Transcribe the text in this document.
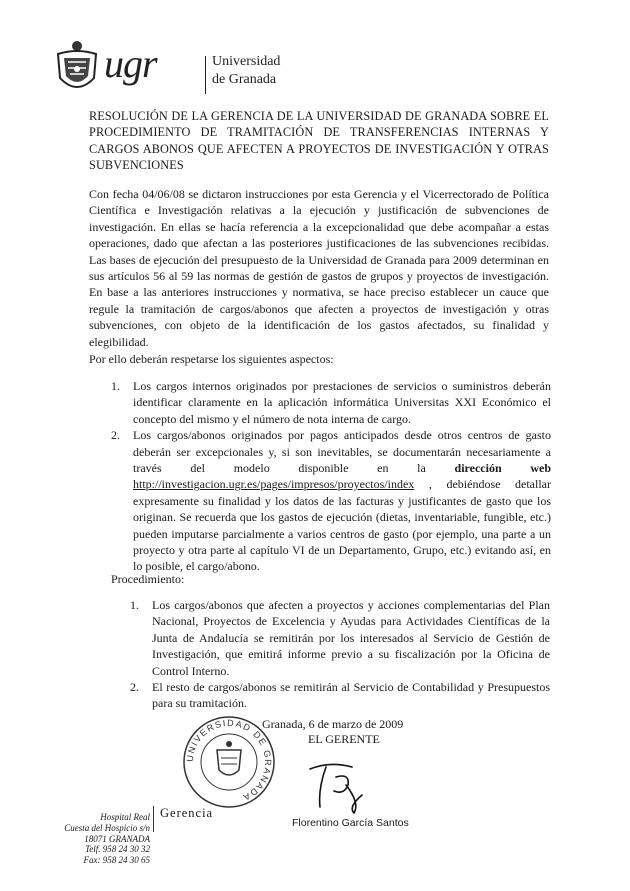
ugr	Universidad
de Granada
RESOLUCIÓN DE LA GERENCIA DE LA UNIVERSIDAD DE GRANADA SOBRE EL PROCEDIMIENTO DE TRAMITACIÓN DE TRANSFERENCIAS INTERNAS Y CARGOS ABONOS QUE AFECTEN A PROYECTOS DE INVESTIGACIÓN Y OTRAS SUBVENCIONES
Con fecha 04/06/08 se dictaron instrucciones por esta Gerencia y el Vicerrectorado de Política Científica e Investigación relativas a la ejecución y justificación de subvenciones de investigación. En ellas se hacía referencia a la excepcionalidad que debe acompañar a estas operaciones, dado que afectan a las posteriores justificaciones de las subvenciones recibidas. Las bases de ejecución del presupuesto de la Universidad de Granada para 2009 determinan en sus artículos 56 al 59 las normas de gestión de gastos de grupos y proyectos de investigación. En base a las anteriores instrucciones y normativa, se hace preciso establecer un cauce que regule la tramitación de cargos/abonos que afecten a proyectos de investigación y otras subvenciones, con objeto de la identificación de los gastos afectados, su finalidad y elegibilidad.
Por ello deberán respetarse los siguientes aspectos:
1. Los cargos internos originados por prestaciones de servicios o suministros deberán identificar claramente en la aplicación informática Universitas XXI Económico el concepto del mismo y el número de nota interna de cargo.
2. Los cargos/abonos originados por pagos anticipados desde otros centros de gasto deberán ser excepcionales y, si son inevitables, se documentarán necesariamente a través del modelo disponible en la dirección web http://investigacion.ugr.es/pages/impresos/proyectos/index , debiéndose detallar expresamente su finalidad y los datos de las facturas y justificantes de gasto que los originan. Se recuerda que los gastos de ejecución (dietas, inventariable, fungible, etc.) pueden imputarse parcialmente a varios centros de gasto (por ejemplo, una parte a un proyecto y otra parte al capítulo VI de un Departamento, Grupo, etc.) evitando así, en lo posible, el cargo/abono.
Procedimiento:
1. Los cargos/abonos que afecten a proyectos y acciones complementarias del Plan Nacional, Proyectos de Excelencia y Ayudas para Actividades Científicas de la Junta de Andalucía se remitirán por los interesados al Servicio de Gestión de Investigación, que emitirá informe previo a su fiscalización por la Oficina de Control Interno.
2. El resto de cargos/abonos se remitirán al Servicio de Contabilidad y Presupuestos para su tramitación.
UNIVERSIDAD DE GRANADA
Granada, 6 de marzo de 2009
EL GERENTE
Florentino García Santos
Gerencia
Hospital Real
Cuesta del Hospicio s/n
18071 GRANADA
Telf. 958 24 30 32
Fax: 958 24 30 65
